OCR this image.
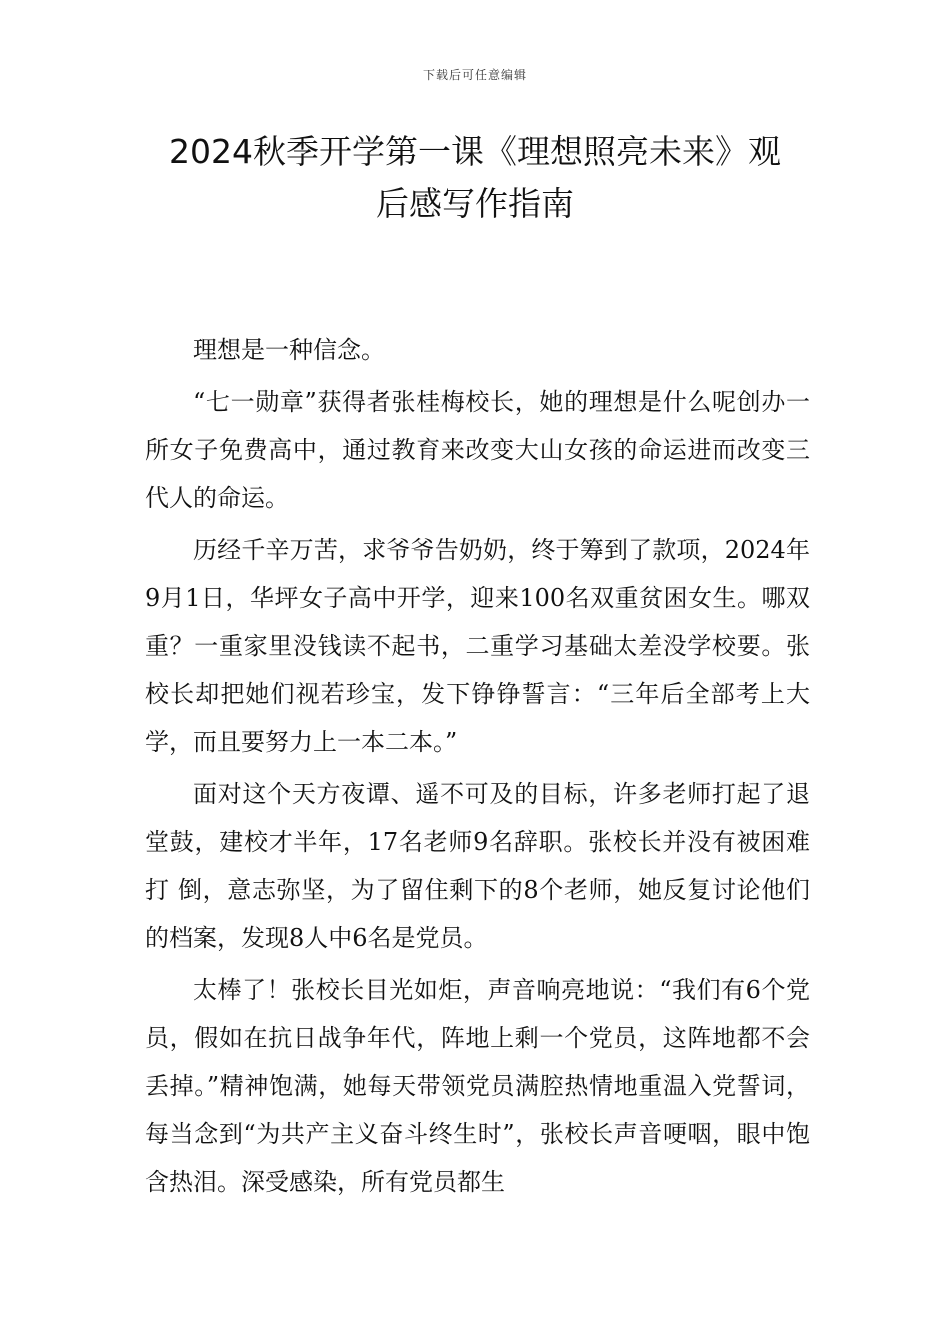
下载后可任意编辑
2024秋季开学第一课《理想照亮未来》观
后感写作指南

理想是一种信念。

“七一勋章”获得者张桂梅校长，她的理想是什么呢创办一所女子免费高中，通过教育来改变大山女孩的命运进而改变三代人的命运。

历经千辛万苦，求爷爷告奶奶，终于筹到了款项，2024年9月1日，华坪女子高中开学，迎来100名双重贫困女生。哪双重？一重家里没钱读不起书，二重学习基础太差没学校要。张校长却把她们视若珍宝，发下铮铮誓言：“三年后全部考上大学，而且要努力上一本二本。”

面对这个天方夜谭、遥不可及的目标，许多老师打起了退堂鼓，建校才半年，17名老师9名辞职。张校长并没有被困难打 倒，意志弥坚，为了留住剩下的8个老师，她反复讨论他们的档案，发现8人中6名是党员。

太棒了！张校长目光如炬，声音响亮地说：“我们有6个党员，假如在抗日战争年代，阵地上剩一个党员，这阵地都不会丢掉。”精神饱满，她每天带领党员满腔热情地重温入党誓词，每当念到“为共产主义奋斗终生时”，张校长声音哽咽，眼中饱含热泪。深受感染，所有党员都生
